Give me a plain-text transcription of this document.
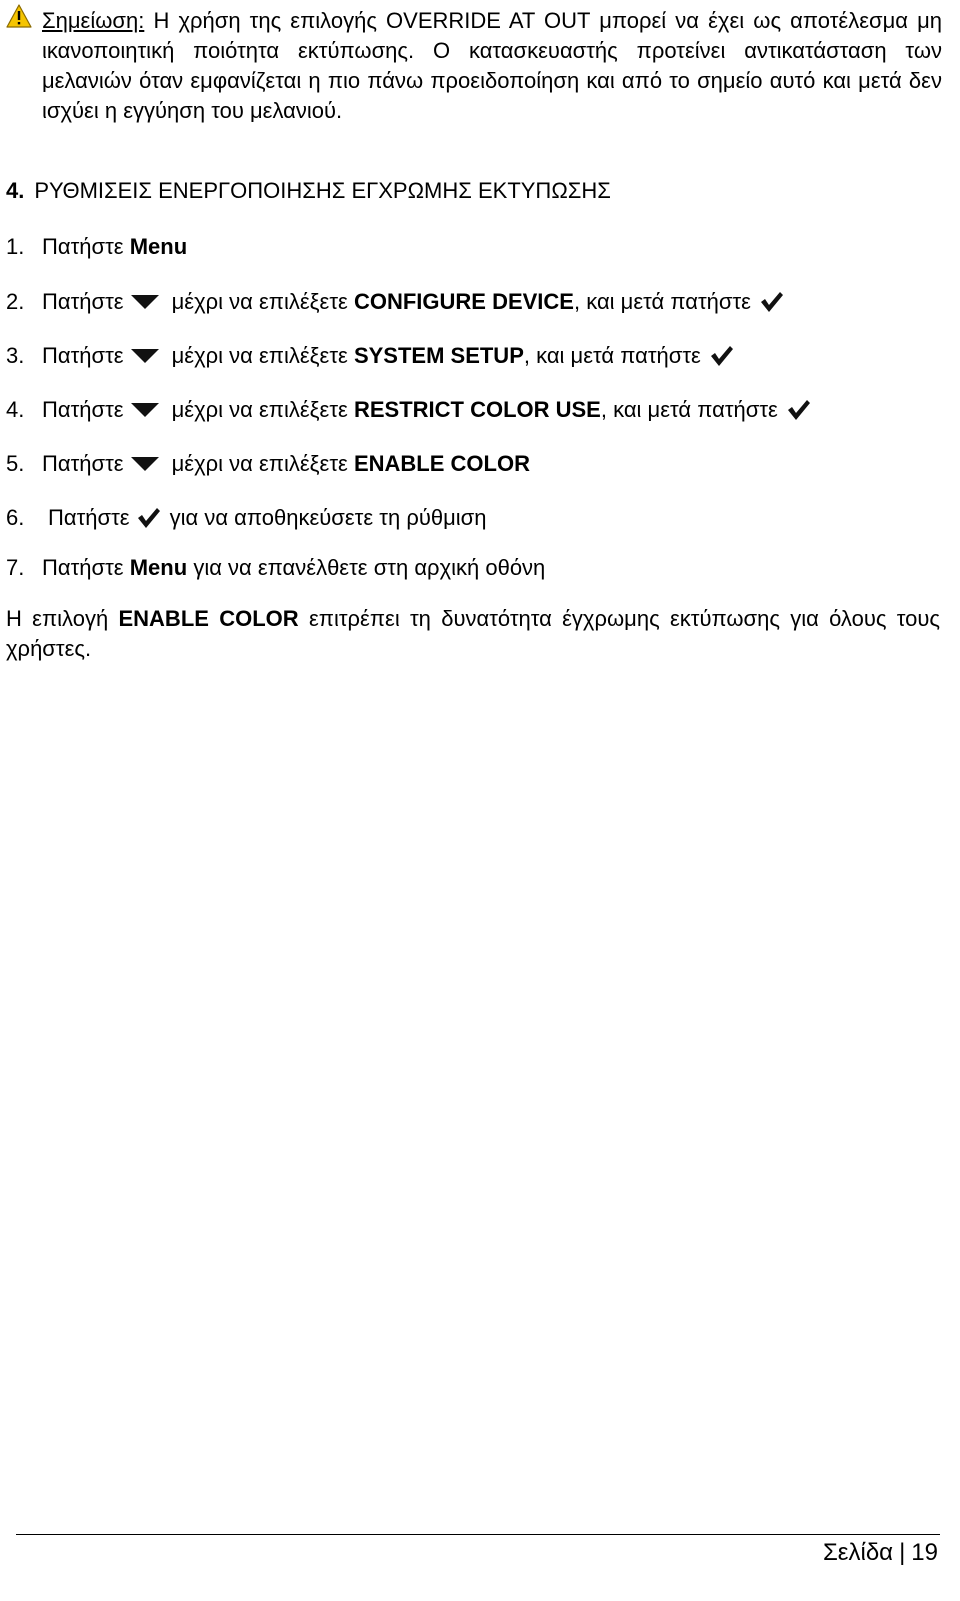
Σημείωση: Η χρήση της επιλογής OVERRIDE AT OUT μπορεί να έχει ως αποτέλεσμα μη ικανοποιητική ποιότητα εκτύπωσης. Ο κατασκευαστής προτείνει αντικατάσταση των μελανιών όταν εμφανίζεται η πιο πάνω προειδοποίηση και από το σημείο αυτό και μετά δεν ισχύει η εγγύηση του μελανιού.
4. ΡΥΘΜΙΣΕΙΣ ΕΝΕΡΓΟΠΟΙΗΣΗΣ ΕΓΧΡΩΜΗΣ ΕΚΤΥΠΩΣΗΣ
1. Πατήστε
Menu
2. Πατήστε μέχρι να επιλέξετε
CONFIGURE DEVICE , και μετά πατήστε
3. Πατήστε μέχρι να επιλέξετε
SYSTEM SETUP , και μετά πατήστε
4. Πατήστε μέχρι να επιλέξετε
RESTRICT COLOR USE , και μετά πατήστε
5. Πατήστε μέχρι να επιλέξετε
ENABLE COLOR
6.	Πατήστε για να αποθηκεύσετε τη ρύθμιση
7. Πατήστε
Menu
για να επανέλθετε στη αρχική οθόνη
Η επιλογή ENABLE COLOR επιτρέπει τη δυνατότητα έγχρωμης εκτύπωσης για όλους τους χρήστες.
Σελίδα | 19
